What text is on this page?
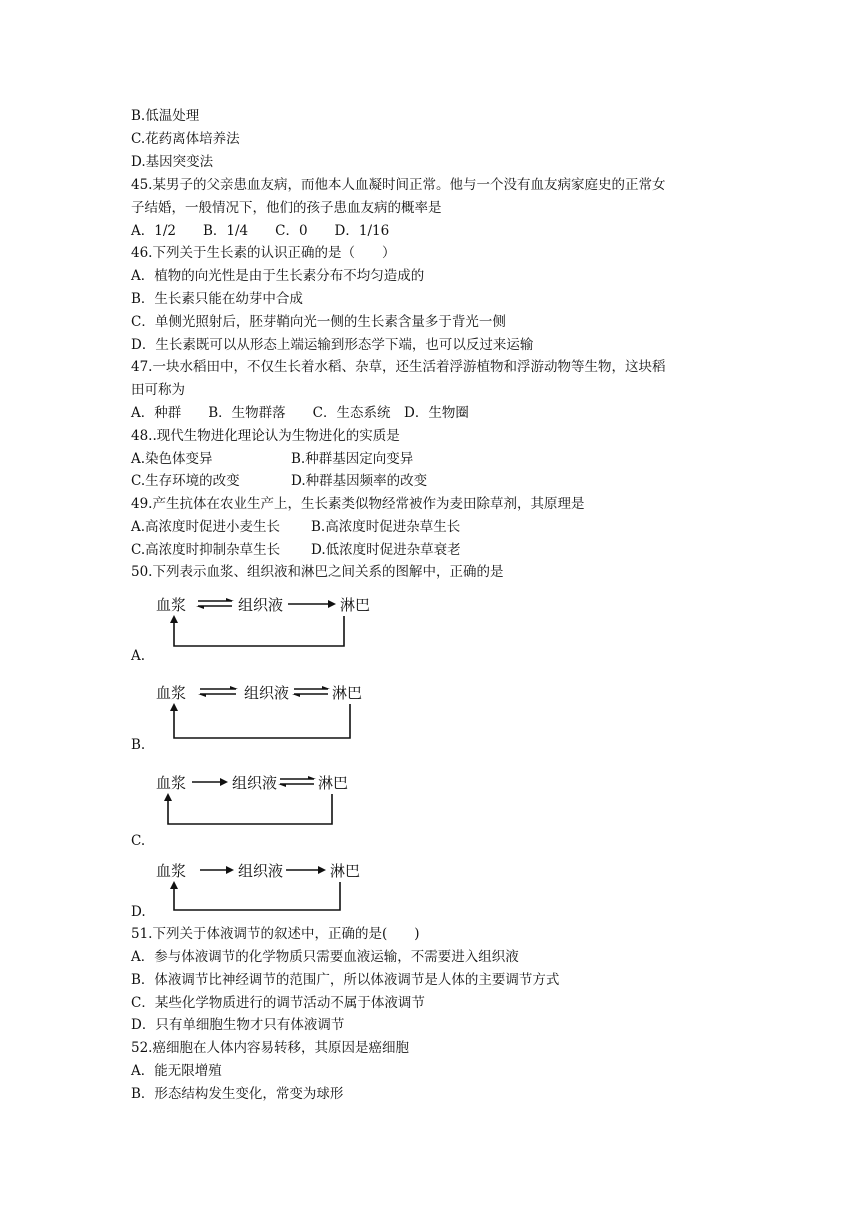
B.低温处理
C.花药离体培养法
D.基因突变法
45.某男子的父亲患血友病，而他本人血凝时间正常。他与一个没有血友病家庭史的正常女
子结婚，一般情况下，他们的孩子患血友病的概率是
A．1/2　　B．1/4　　C．0　　D．1/16
46.下列关于生长素的认识正确的是（　　）
A．植物的向光性是由于生长素分布不均匀造成的
B．生长素只能在幼芽中合成
C．单侧光照射后，胚芽鞘向光一侧的生长素含量多于背光一侧
D．生长素既可以从形态上端运输到形态学下端，也可以反过来运输
47.一块水稻田中，不仅生长着水稻、杂草，还生活着浮游植物和浮游动物等生物，这块稻
田可称为
A．种群　　B．生物群落　　C．生态系统　D．生物圈
48..现代生物进化理论认为生物进化的实质是
A.染色体变异	B.种群基因定向变异
C.生存环境的改变	D.种群基因频率的改变
49.产生抗体在农业生产上，生长素类似物经常被作为麦田除草剂，其原理是
A.高浓度时促进小麦生长 B.高浓度时促进杂草生长
C.高浓度时抑制杂草生长 D.低浓度时促进杂草衰老
50.下列表示血浆、组织液和淋巴之间关系的图解中，正确的是
血浆	组织液	淋巴
A.
血浆	组织液	淋巴
B.
血浆	组织液	淋巴
C.
血浆	组织液	淋巴
D.
51.下列关于体液调节的叙述中，正确的是(　　)
A．参与体液调节的化学物质只需要血液运输，不需要进入组织液
B．体液调节比神经调节的范围广，所以体液调节是人体的主要调节方式
C．某些化学物质进行的调节活动不属于体液调节
D．只有单细胞生物才只有体液调节
52.癌细胞在人体内容易转移，其原因是癌细胞
A．能无限增殖
B．形态结构发生变化，常变为球形
